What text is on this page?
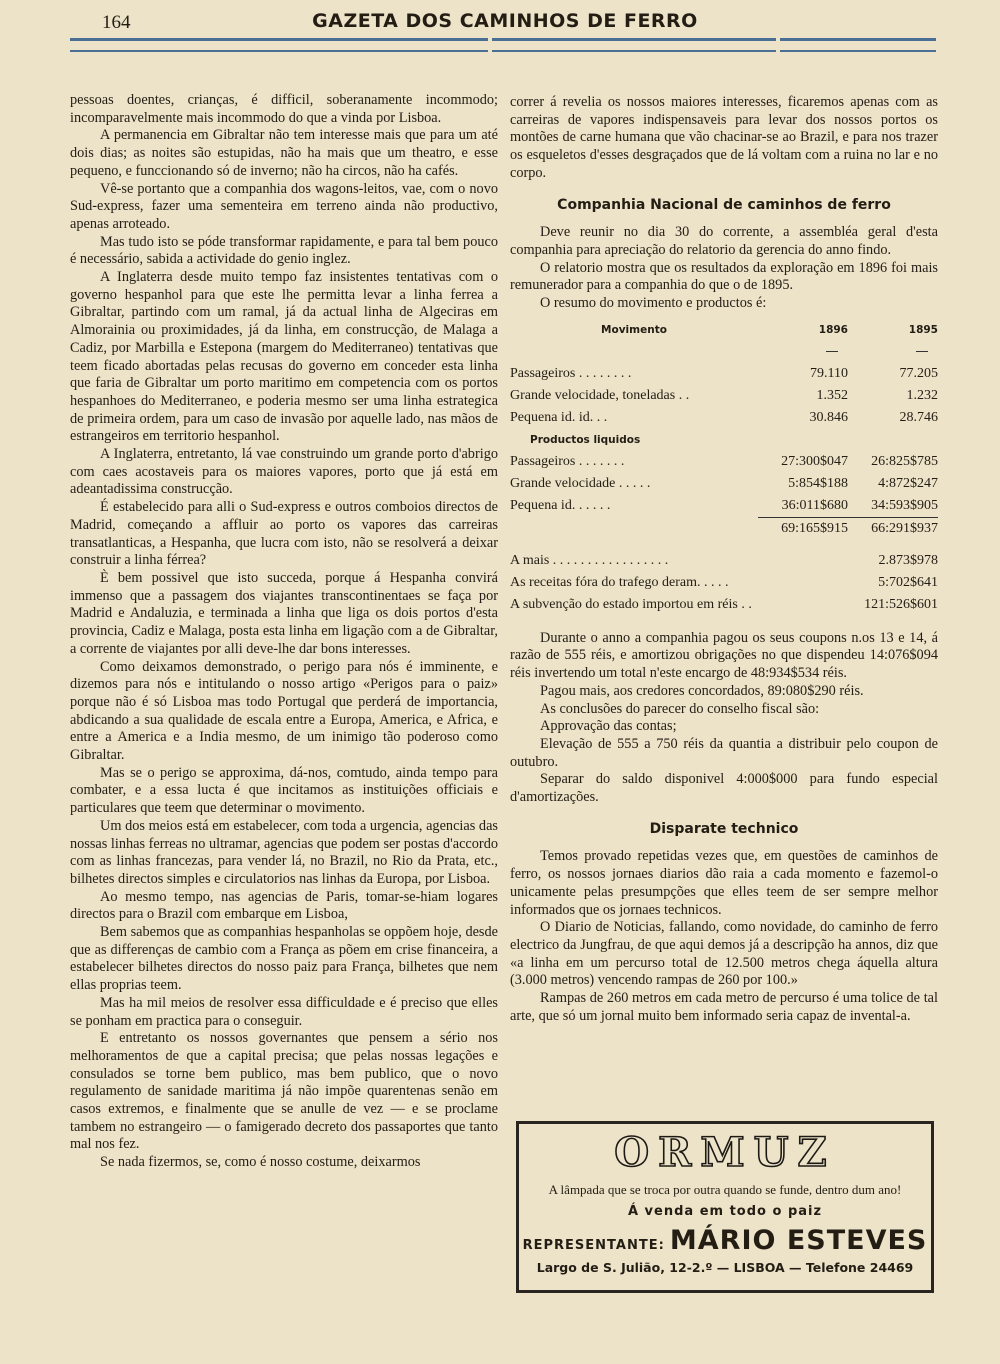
164	GAZETA DOS CAMINHOS DE FERRO

pessoas doentes, crianças, é difficil, soberanamente incommodo; incomparavelmente mais incommodo do que a vinda por Lisboa.

A permanencia em Gibraltar não tem interesse mais que para um até dois dias; as noites são estupidas, não ha mais que um theatro, e esse pequeno, e funccionando só de inverno; não ha circos, não ha cafés.

Vê-se portanto que a companhia dos wagons-leitos, vae, com o novo Sud-express, fazer uma sementeira em terreno ainda não productivo, apenas arroteado.

Mas tudo isto se póde transformar rapidamente, e para tal bem pouco é necessário, sabida a actividade do genio inglez.

A Inglaterra desde muito tempo faz insistentes tentativas com o governo hespanhol para que este lhe permitta levar a linha ferrea a Gibraltar, partindo com um ramal, já da actual linha de Algeciras em Almorainia ou proximidades, já da linha, em construcção, de Malaga a Cadiz, por Marbilla e Estepona (margem do Mediterraneo) tentativas que teem ficado abortadas pelas recusas do governo em conceder esta linha que faria de Gibraltar um porto maritimo em competencia com os portos hespanhoes do Mediterraneo, e poderia mesmo ser uma linha estrategica de primeira ordem, para um caso de invasão por aquelle lado, nas mãos de estrangeiros em territorio hespanhol.

A Inglaterra, entretanto, lá vae construindo um grande porto d'abrigo com caes acostaveis para os maiores vapores, porto que já está em adeantadissima construcção.

É estabelecido para alli o Sud-express e outros comboios directos de Madrid, começando a affluir ao porto os vapores das carreiras transatlanticas, a Hespanha, que lucra com isto, não se resolverá a deixar construir a linha férrea?

È bem possivel que isto succeda, porque á Hespanha convirá immenso que a passagem dos viajantes transcontinentaes se faça por Madrid e Andaluzia, e terminada a linha que liga os dois portos d'esta provincia, Cadiz e Malaga, posta esta linha em ligação com a de Gibraltar, a corrente de viajantes por alli deve-lhe dar bons interesses.

Como deixamos demonstrado, o perigo para nós é imminente, e dizemos para nós e intitulando o nosso artigo «Perigos para o paiz» porque não é só Lisboa mas todo Portugal que perderá de importancia, abdicando a sua qualidade de escala entre a Europa, America, e Africa, e entre a America e a India mesmo, de um inimigo tão poderoso como Gibraltar.

Mas se o perigo se approxima, dá-nos, comtudo, ainda tempo para combater, e a essa lucta é que incitamos as instituições officiais e particulares que teem que determinar o movimento.

Um dos meios está em estabelecer, com toda a urgencia, agencias das nossas linhas ferreas no ultramar, agencias que podem ser postas d'accordo com as linhas francezas, para vender lá, no Brazil, no Rio da Prata, etc., bilhetes directos simples e circulatorios nas linhas da Europa, por Lisboa.

Ao mesmo tempo, nas agencias de Paris, tomar-se-hiam logares directos para o Brazil com embarque em Lisboa,

Bem sabemos que as companhias hespanholas se oppõem hoje, desde que as differenças de cambio com a França as põem em crise financeira, a estabelecer bilhetes directos do nosso paiz para França, bilhetes que nem ellas proprias teem.

Mas ha mil meios de resolver essa difficuldade e é preciso que elles se ponham em practica para o conseguir.

E entretanto os nossos governantes que pensem a sério nos melhoramentos de que a capital precisa; que pelas nossas legações e consulados se torne bem publico, mas bem publico, que o novo regulamento de sanidade maritima já não impõe quarentenas senão em casos extremos, e finalmente que se anulle de vez — e se proclame tambem no estrangeiro — o famigerado decreto dos passaportes que tanto mal nos fez.

Se nada fizermos, se, como é nosso costume, deixarmos

correr á revelia os nossos maiores interesses, ficaremos apenas com as carreiras de vapores indispensaveis para levar dos nossos portos os montões de carne humana que vão chacinar-se ao Brazil, e para nos trazer os esqueletos d'esses desgraçados que de lá voltam com a ruina no lar e no corpo.

Companhia Nacional de caminhos de ferro

Deve reunir no dia 30 do corrente, a assembléa geral d'esta companhia para apreciação do relatorio da gerencia do anno findo.

O relatorio mostra que os resultados da exploração em 1896 foi mais remunerador para a companhia do que o de 1895.

O resumo do movimento e productos é:

Movimento	1896	1895

Passageiros . . . . . . . .	79.110	77.205
Grande velocidade, toneladas . .	1.352	1.232
Pequena id. id. . .	30.846	28.746
Productos liquidos		
Passageiros . . . . . . .	27:300$047	26:825$785
Grande velocidade . . . . .	5:854$188	4:872$247
Pequena id. . . . . .	36:011$680	34:593$905
	69:165$915	66:291$937

A mais . . . . . . . . . . . . . . . . .		2.873$978
As receitas fóra do trafego deram. . . . .		5:702$641
A subvenção do estado importou em réis . .		121:526$601

Durante o anno a companhia pagou os seus coupons n.os 13 e 14, á razão de 555 réis, e amortizou obrigações no que dispendeu 14:076$094 réis invertendo um total n'este encargo de 48:934$534 réis.

Pagou mais, aos credores concordados, 89:080$290 réis.

As conclusões do parecer do conselho fiscal são:

Approvação das contas;

Elevação de 555 a 750 réis da quantia a distribuir pelo coupon de outubro.

Separar do saldo disponivel 4:000$000 para fundo especial d'amortizações.

Disparate technico

Temos provado repetidas vezes que, em questões de caminhos de ferro, os nossos jornaes diarios dão raia a cada momento e fazemol-o unicamente pelas presumpções que elles teem de ser sempre melhor informados que os jornaes technicos.

O Diario de Noticias, fallando, como novidade, do caminho de ferro electrico da Jungfrau, de que aqui demos já a descripção ha annos, diz que «a linha em um percurso total de 12.500 metros chega áquella altura (3.000 metros) vencendo rampas de 260 por 100.»

Rampas de 260 metros em cada metro de percurso é uma tolice de tal arte, que só um jornal muito bem informado seria capaz de invental-a.

ORMUZ
A lâmpada que se troca por outra quando se funde, dentro dum ano!
Á venda em todo o paiz
REPRESENTANTE: MÁRIO ESTEVES
Largo de S. Julião, 12-2.º — LISBOA — Telefone 24469
